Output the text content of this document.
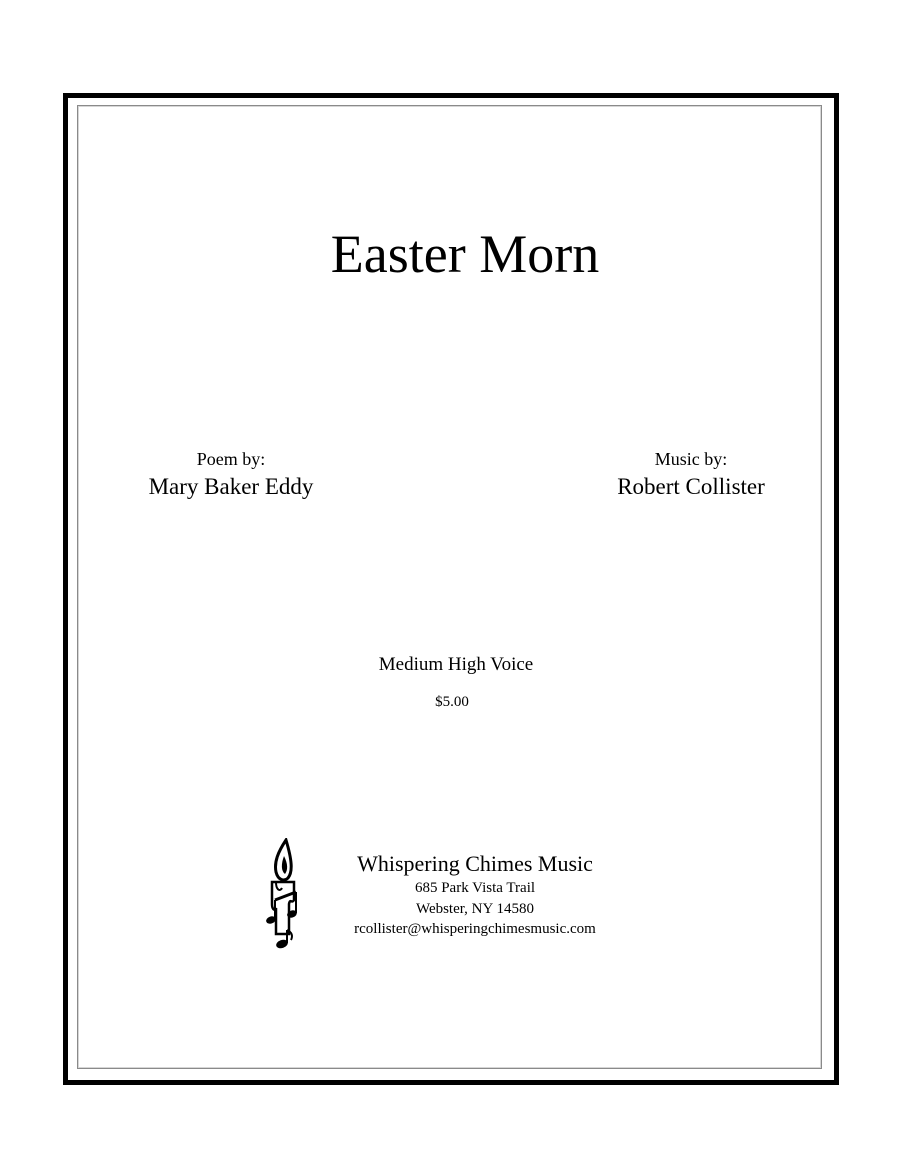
Easter Morn
Poem by:
Mary Baker Eddy
Music by:
Robert Collister
Medium High Voice
$5.00
Whispering Chimes Music
685 Park Vista Trail
Webster, NY 14580
rcollister@whisperingchimesmusic.com
